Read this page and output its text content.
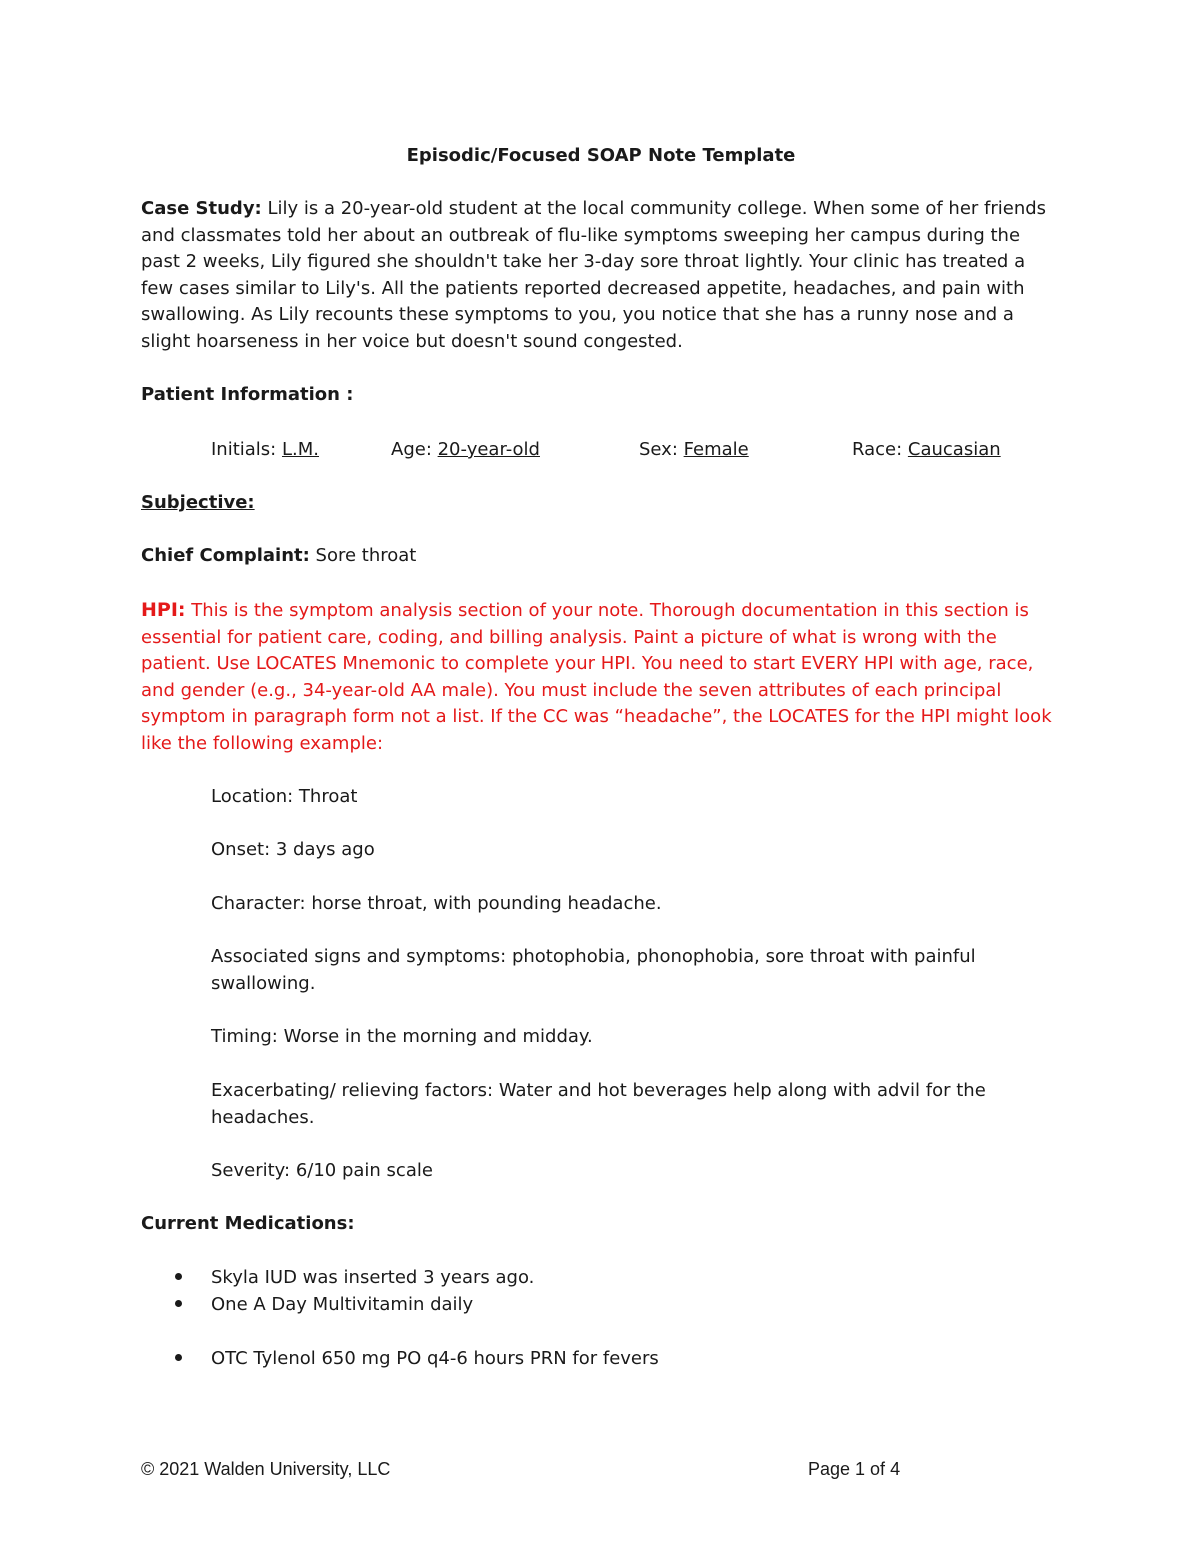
Episodic/Focused SOAP Note Template

Case Study: Lily is a 20-year-old student at the local community college. When some of her friends and classmates told her about an outbreak of flu-like symptoms sweeping her campus during the past 2 weeks, Lily figured she shouldn't take her 3-day sore throat lightly. Your clinic has treated a few cases similar to Lily's. All the patients reported decreased appetite, headaches, and pain with swallowing. As Lily recounts these symptoms to you, you notice that she has a runny nose and a slight hoarseness in her voice but doesn't sound congested.

Patient Information :

Initials: L.M.	Age: 20-year-old	Sex: Female	Race: Caucasian

Subjective:

Chief Complaint: Sore throat

HPI: This is the symptom analysis section of your note. Thorough documentation in this section is essential for patient care, coding, and billing analysis. Paint a picture of what is wrong with the patient. Use LOCATES Mnemonic to complete your HPI. You need to start EVERY HPI with age, race, and gender (e.g., 34-year-old AA male). You must include the seven attributes of each principal symptom in paragraph form not a list. If the CC was “headache”, the LOCATES for the HPI might look like the following example:

Location: Throat

Onset: 3 days ago

Character: horse throat, with pounding headache.

Associated signs and symptoms: photophobia, phonophobia, sore throat with painful swallowing.

Timing: Worse in the morning and midday.

Exacerbating/ relieving factors: Water and hot beverages help along with advil for the headaches.

Severity: 6/10 pain scale

Current Medications:

Skyla IUD was inserted 3 years ago.
One A Day Multivitamin daily
OTC Tylenol 650 mg PO q4-6 hours PRN for fevers
© 2021 Walden University, LLC	Page 1 of 4
